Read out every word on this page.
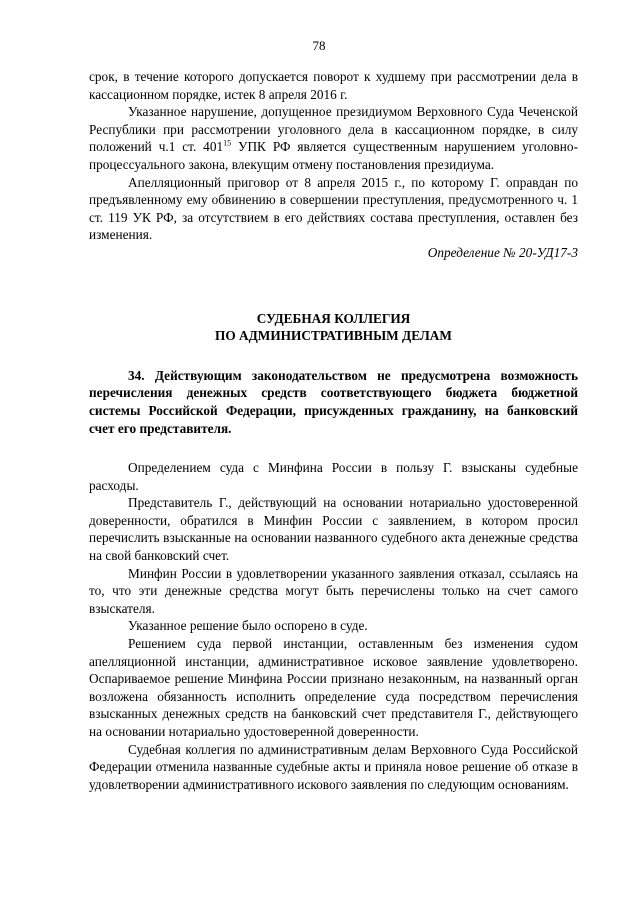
78

срок, в течение которого допускается поворот к худшему при рассмотрении дела в кассационном порядке, истек 8 апреля 2016 г.

Указанное нарушение, допущенное президиумом Верховного Суда Чеченской Республики при рассмотрении уголовного дела в кассационном порядке, в силу положений ч.1 ст. $401^{15}$ УПК РФ является существенным нарушением уголовно-процессуального закона, влекущим отмену постановления президиума.

Апелляционный приговор от 8 апреля 2015 г., по которому Г. оправдан по предъявленному ему обвинению в совершении преступления, предусмотренного ч. 1 ст. 119 УК РФ, за отсутствием в его действиях состава преступления, оставлен без изменения.

Определение № 20-УД17-3

СУДЕБНАЯ КОЛЛЕГИЯ
ПО АДМИНИСТРАТИВНЫМ ДЕЛАМ

34. Действующим законодательством не предусмотрена возможность перечисления денежных средств соответствующего бюджета бюджетной системы Российской Федерации, присужденных гражданину, на банковский счет его представителя.

Определением суда с Минфина России в пользу Г. взысканы судебные расходы.

Представитель Г., действующий на основании нотариально удостоверенной доверенности, обратился в Минфин России с заявлением, в котором просил перечислить взысканные на основании названного судебного акта денежные средства на свой банковский счет.

Минфин России в удовлетворении указанного заявления отказал, ссылаясь на то, что эти денежные средства могут быть перечислены только на счет самого взыскателя.

Указанное решение было оспорено в суде.

Решением суда первой инстанции, оставленным без изменения судом апелляционной инстанции, административное исковое заявление удовлетворено. Оспариваемое решение Минфина России признано незаконным, на названный орган возложена обязанность исполнить определение суда посредством перечисления взысканных денежных средств на банковский счет представителя Г., действующего на основании нотариально удостоверенной доверенности.

Судебная коллегия по административным делам Верховного Суда Российской Федерации отменила названные судебные акты и приняла новое решение об отказе в удовлетворении административного искового заявления по следующим основаниям.
